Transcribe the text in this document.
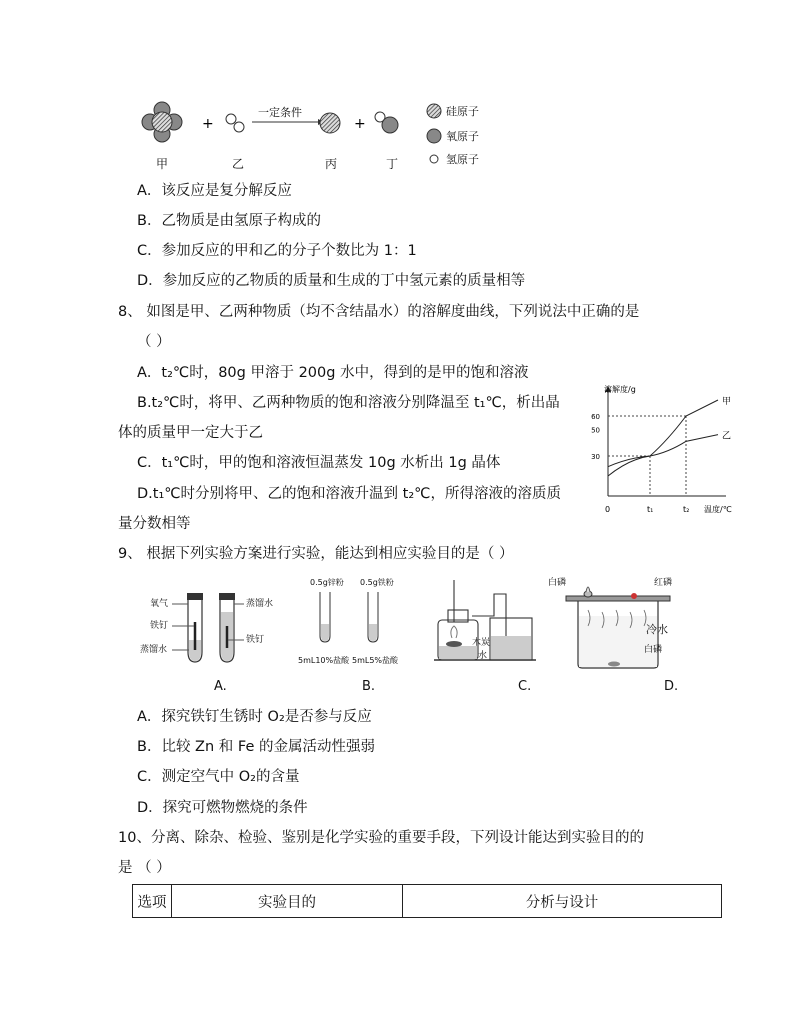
+	+
一定条件
甲	乙	丙	丁
硅原子
氧原子
氢原子
A．该反应是复分解反应
B．乙物质是由氢原子构成的
C．参加反应的甲和乙的分子个数比为 1：1
D．参加反应的乙物质的质量和生成的丁中氢元素的质量相等
8、 如图是甲、乙两种物质（均不含结晶水）的溶解度曲线，下列说法中正确的是
（ ）
A．t₂℃时，80g 甲溶于 200g 水中，得到的是甲的饱和溶液
B.t₂℃时，将甲、乙两种物质的饱和溶液分别降温至 t₁℃，析出晶
体的质量甲一定大于乙
C．t₁℃时，甲的饱和溶液恒温蒸发 10g 水析出 1g 晶体
D.t₁℃时分别将甲、乙的饱和溶液升温到 t₂℃，所得溶液的溶质质
量分数相等
溶解度/g
温度/℃
0	t₁	t₂
30
50
60
甲
乙
9、 根据下列实验方案进行实验，能达到相应实验目的是（ ）
氧气
铁钉
蒸馏水
蒸馏水
铁钉
A.
0.5g锌粉 0.5g铁粉
5mL10%盐酸 5mL5%盐酸
B.
木炭
水
C.
白磷	红磷
冷水
白磷
D.
A．探究铁钉生锈时 O₂是否参与反应
B．比较 Zn 和 Fe 的金属活动性强弱
C．测定空气中 O₂的含量
D．探究可燃物燃烧的条件
10、分离、除杂、检验、鉴别是化学实验的重要手段，下列设计能达到实验目的的
是 （ ）
选项	实验目的	分析与设计
